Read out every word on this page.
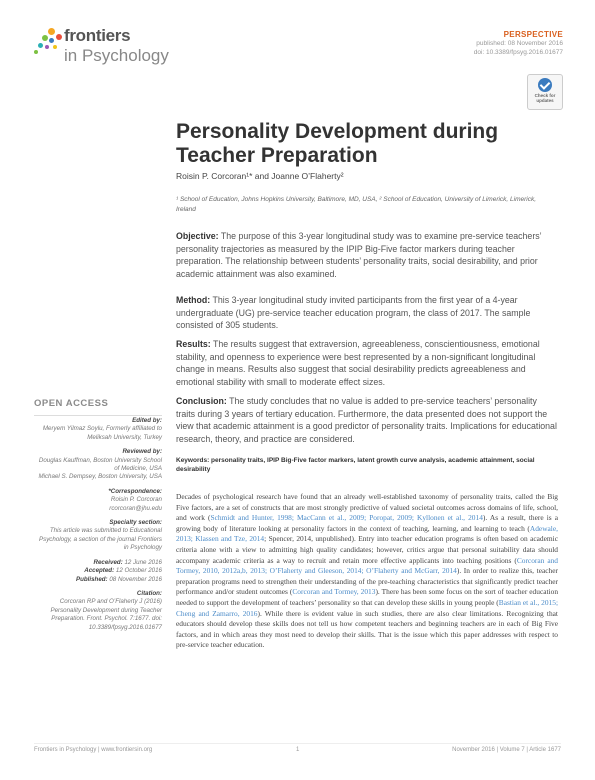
frontiers
in Psychology
PERSPECTIVE
published: 08 November 2016
doi: 10.3389/fpsyg.2016.01677
Check for updates
Personality Development during Teacher Preparation
Roisin P. Corcoran¹* and Joanne O’Flaherty²
¹ School of Education, Johns Hopkins University, Baltimore, MD, USA, ² School of Education, University of Limerick, Limerick, Ireland
Objective: The purpose of this 3-year longitudinal study was to examine pre-service teachers’ personality trajectories as measured by the IPIP Big-Five factor markers during teacher preparation. The relationship between students’ personality traits, social desirability, and prior academic attainment was also examined.
Method: This 3-year longitudinal study invited participants from the first year of a 4-year undergraduate (UG) pre-service teacher education program, the class of 2017. The sample consisted of 305 students.
Results: The results suggest that extraversion, agreeableness, conscientiousness, emotional stability, and openness to experience were best represented by a non-significant longitudinal change in means. Results also suggest that social desirability predicts agreeableness and emotional stability with small to moderate effect sizes.
Conclusion: The study concludes that no value is added to pre-service teachers’ personality traits during 3 years of tertiary education. Furthermore, the data presented does not support the view that academic attainment is a good predictor of personality traits. Implications for educational research, theory, and practice are considered.
Keywords: personality traits, IPIP Big-Five factor markers, latent growth curve analysis, academic attainment, social desirability
OPEN ACCESS
Edited by:
Meryem Yilmaz Soylu, Formerly affiliated to Meliksah University, Turkey
Reviewed by:
Douglas Kauffman, Boston University School of Medicine, USA
Michael S. Dempsey, Boston University, USA
*Correspondence:
Roisin P. Corcoran
rcorcoran@jhu.edu
Specialty section:
This article was submitted to Educational Psychology, a section of the journal Frontiers in Psychology
Received: 12 June 2016
Accepted: 12 October 2016
Published: 08 November 2016
Citation:
Corcoran RP and O’Flaherty J (2016) Personality Development during Teacher Preparation. Front. Psychol. 7:1677. doi: 10.3389/fpsyg.2016.01677
Decades of psychological research have found that an already well-established taxonomy of personality traits, called the Big Five factors, are a set of constructs that are most strongly predictive of valued societal outcomes across domains of life, school, and work (Schmidt and Hunter, 1998; MacCann et al., 2009; Poropat, 2009; Kyllonen et al., 2014). As a result, there is a growing body of literature looking at personality factors in the context of teaching, learning, and learning to teach (Adewale, 2013; Klassen and Tze, 2014; Spencer, 2014, unpublished). Entry into teacher education programs is often based on academic criteria alone with a view to admitting high quality candidates; however, critics argue that personal suitability data should accompany academic criteria as a way to recruit and retain more effective applicants into teaching positions (Corcoran and Tormey, 2010, 2012a,b, 2013; O’Flaherty and Gleeson, 2014; O’Flaherty and McGarr, 2014). In order to realize this, teacher preparation programs need to strengthen their understanding of the pre-teaching characteristics that significantly predict teacher performance and/or student outcomes (Corcoran and Tormey, 2013). There has been some focus on the sort of teacher education needed to support the development of teachers’ personality so that can develop these skills in young people (Bastian et al., 2015; Cheng and Zamarro, 2016). While there is evident value in such studies, there are also clear limitations. Recognizing that educators should develop these skills does not tell us how competent teachers and beginning teachers are in each of Big Five factors, and in which areas they most need to develop their skills. That is the issue which this paper addresses with respect to pre-service teacher education.
Frontiers in Psychology | www.frontiersin.org	1	November 2016 | Volume 7 | Article 1677
